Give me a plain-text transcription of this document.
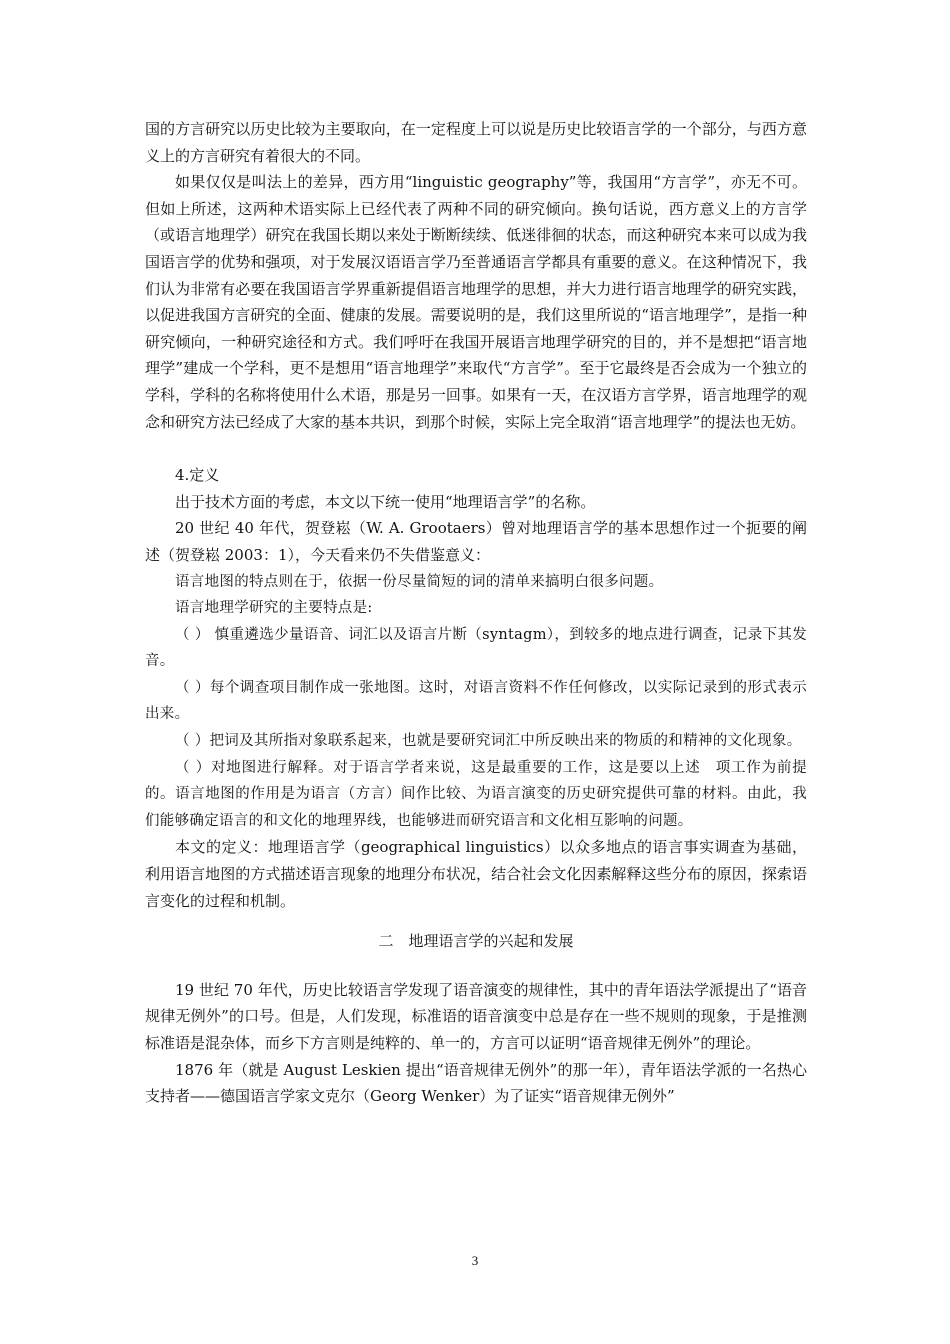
国的方言研究以历史比较为主要取向，在一定程度上可以说是历史比较语言学的一个部分，与西方意义上的方言研究有着很大的不同。

如果仅仅是叫法上的差异，西方用“linguistic geography”等，我国用“方言学”，亦无不可。但如上所述，这两种术语实际上已经代表了两种不同的研究倾向。换句话说，西方意义上的方言学（或语言地理学）研究在我国长期以来处于断断续续、低迷徘徊的状态，而这种研究本来可以成为我国语言学的优势和强项，对于发展汉语语言学乃至普通语言学都具有重要的意义。在这种情况下，我们认为非常有必要在我国语言学界重新提倡语言地理学的思想，并大力进行语言地理学的研究实践，以促进我国方言研究的全面、健康的发展。需要说明的是，我们这里所说的“语言地理学”，是指一种研究倾向，一种研究途径和方式。我们呼吁在我国开展语言地理学研究的目的，并不是想把“语言地理学”建成一个学科，更不是想用“语言地理学”来取代“方言学”。至于它最终是否会成为一个独立的学科，学科的名称将使用什么术语，那是另一回事。如果有一天，在汉语方言学界，语言地理学的观念和研究方法已经成了大家的基本共识，到那个时候，实际上完全取消“语言地理学”的提法也无妨。

4.定义

出于技术方面的考虑，本文以下统一使用“地理语言学”的名称。

20 世纪 40 年代，贺登崧（W. A. Grootaers）曾对地理语言学的基本思想作过一个扼要的阐述（贺登崧 2003：1），今天看来仍不失借鉴意义：

语言地图的特点则在于，依据一份尽量简短的词的清单来搞明白很多问题。

语言地理学研究的主要特点是:

（ ） 慎重遴选少量语音、词汇以及语言片断（syntagm），到较多的地点进行调查，记录下其发音。

（ ）每个调查项目制作成一张地图。这时，对语言资料不作任何修改，以实际记录到的形式表示出来。

（ ）把词及其所指对象联系起来，也就是要研究词汇中所反映出来的物质的和精神的文化现象。

（ ）对地图进行解释。对于语言学者来说，这是最重要的工作，这是要以上述　项工作为前提的。语言地图的作用是为语言（方言）间作比较、为语言演变的历史研究提供可靠的材料。由此，我们能够确定语言的和文化的地理界线，也能够进而研究语言和文化相互影响的问题。

本文的定义：地理语言学（geographical linguistics）以众多地点的语言事实调查为基础，利用语言地图的方式描述语言现象的地理分布状况，结合社会文化因素解释这些分布的原因，探索语言变化的过程和机制。

二　地理语言学的兴起和发展

19 世纪 70 年代，历史比较语言学发现了语音演变的规律性，其中的青年语法学派提出了“语音规律无例外”的口号。但是，人们发现，标准语的语音演变中总是存在一些不规则的现象，于是推测标准语是混杂体，而乡下方言则是纯粹的、单一的，方言可以证明“语音规律无例外”的理论。

1876 年（就是 August Leskien 提出“语音规律无例外”的那一年），青年语法学派的一名热心支持者——德国语言学家文克尔（Georg Wenker）为了证实“语音规律无例外”

3
